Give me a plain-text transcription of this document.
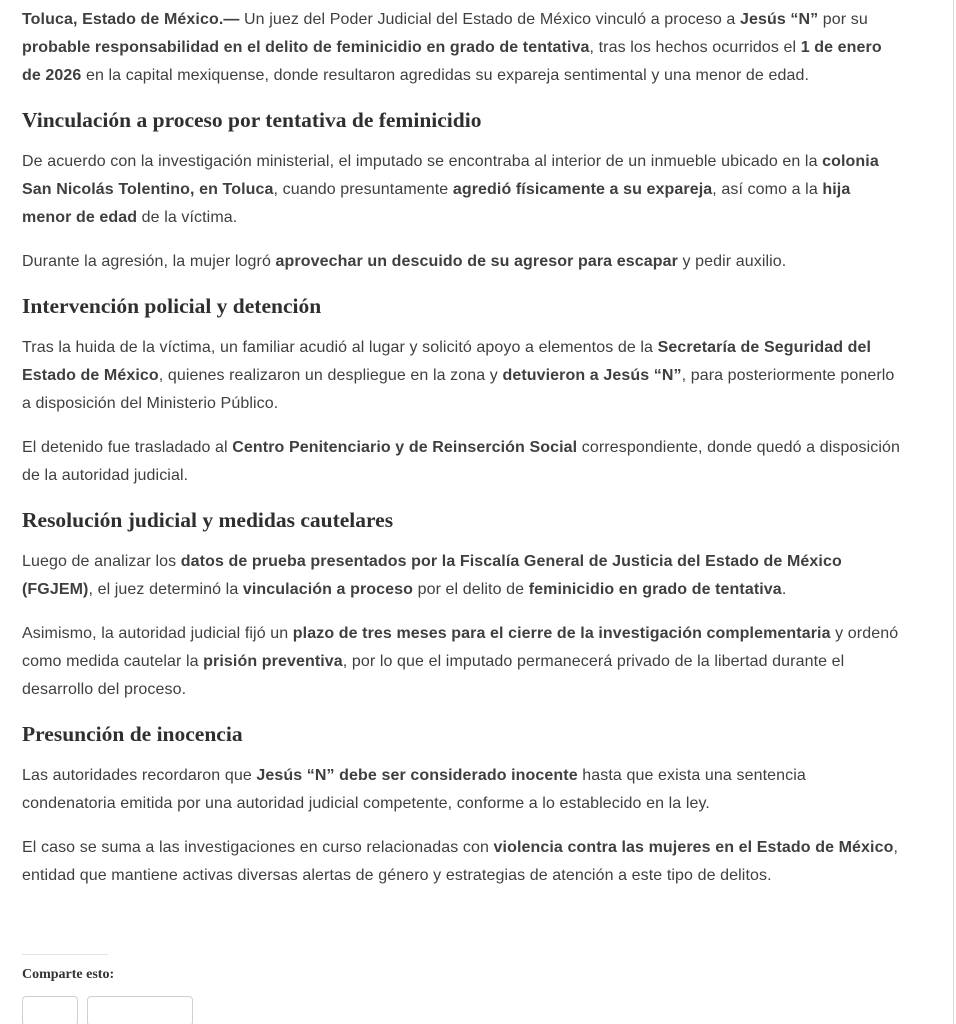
Toluca, Estado de México.— Un juez del Poder Judicial del Estado de México vinculó a proceso a Jesús “N” por su probable responsabilidad en el delito de feminicidio en grado de tentativa, tras los hechos ocurridos el 1 de enero de 2026 en la capital mexiquense, donde resultaron agredidas su expareja sentimental y una menor de edad.

Vinculación a proceso por tentativa de feminicidio

De acuerdo con la investigación ministerial, el imputado se encontraba al interior de un inmueble ubicado en la colonia San Nicolás Tolentino, en Toluca, cuando presuntamente agredió físicamente a su expareja, así como a la hija menor de edad de la víctima.

Durante la agresión, la mujer logró aprovechar un descuido de su agresor para escapar y pedir auxilio.

Intervención policial y detención

Tras la huida de la víctima, un familiar acudió al lugar y solicitó apoyo a elementos de la Secretaría de Seguridad del Estado de México, quienes realizaron un despliegue en la zona y detuvieron a Jesús “N”, para posteriormente ponerlo a disposición del Ministerio Público.

El detenido fue trasladado al Centro Penitenciario y de Reinserción Social correspondiente, donde quedó a disposición de la autoridad judicial.

Resolución judicial y medidas cautelares

Luego de analizar los datos de prueba presentados por la Fiscalía General de Justicia del Estado de México (FGJEM), el juez determinó la vinculación a proceso por el delito de feminicidio en grado de tentativa.

Asimismo, la autoridad judicial fijó un plazo de tres meses para el cierre de la investigación complementaria y ordenó como medida cautelar la prisión preventiva, por lo que el imputado permanecerá privado de la libertad durante el desarrollo del proceso.

Presunción de inocencia

Las autoridades recordaron que Jesús “N” debe ser considerado inocente hasta que exista una sentencia condenatoria emitida por una autoridad judicial competente, conforme a lo establecido en la ley.

El caso se suma a las investigaciones en curso relacionadas con violencia contra las mujeres en el Estado de México, entidad que mantiene activas diversas alertas de género y estrategias de atención a este tipo de delitos.

Comparte esto:
